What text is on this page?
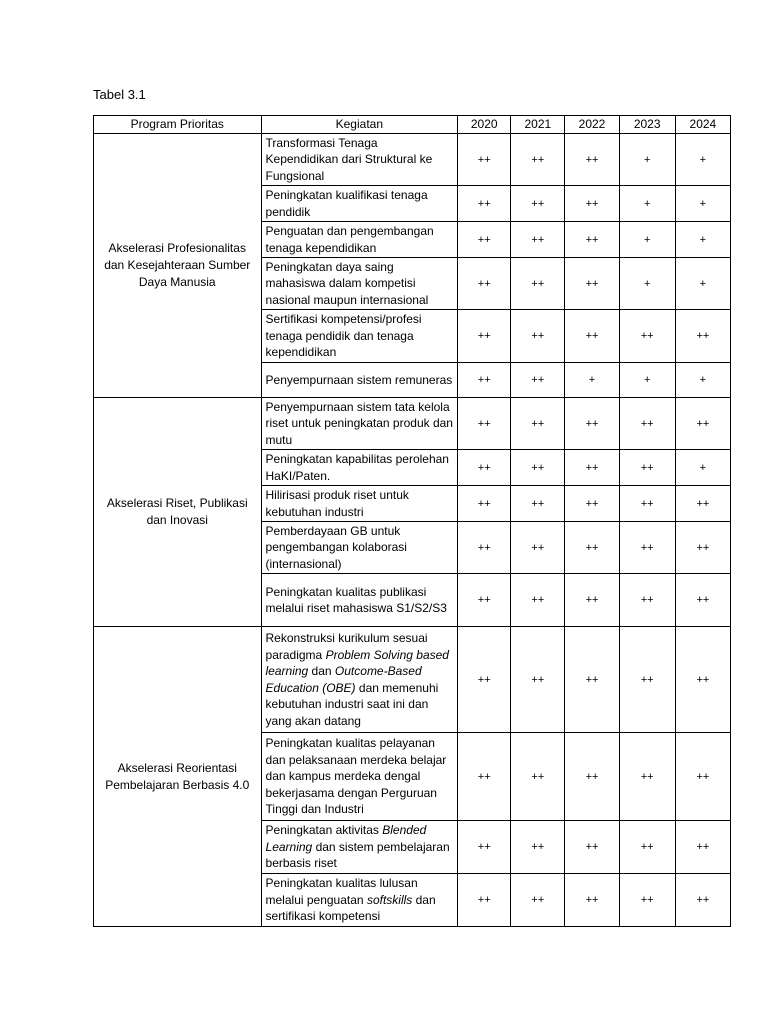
Tabel 3.1
Program Prioritas	Kegiatan	2020	2021	2022	2023	2024
Akselerasi Profesionalitas dan Kesejahteraan Sumber Daya Manusia	Transformasi Tenaga Kependidikan dari Struktural ke Fungsional	++	++	++	+	+
	Peningkatan kualifikasi tenaga pendidik	++	++	++	+	+
	Penguatan dan pengembangan tenaga kependidikan	++	++	++	+	+
	Peningkatan daya saing mahasiswa dalam kompetisi nasional maupun internasional	++	++	++	+	+
	Sertifikasi kompetensi/profesi tenaga pendidik dan tenaga kependidikan	++	++	++	++	++
	Penyempurnaan sistem remuneras	++	++	+	+	+
Akselerasi Riset, Publikasi dan Inovasi	Penyempurnaan sistem tata kelola riset untuk peningkatan produk dan mutu	++	++	++	++	++
	Peningkatan kapabilitas perolehan HaKI/Paten.	++	++	++	++	+
	Hilirisasi produk riset untuk kebutuhan industri	++	++	++	++	++
	Pemberdayaan GB untuk pengembangan kolaborasi (internasional)	++	++	++	++	++
	Peningkatan kualitas publikasi melalui riset mahasiswa S1/S2/S3	++	++	++	++	++
Akselerasi Reorientasi Pembelajaran Berbasis 4.0	Rekonstruksi kurikulum sesuai paradigma Problem Solving based learning dan Outcome-Based Education (OBE) dan memenuhi kebutuhan industri saat ini dan yang akan datang	++	++	++	++	++
	Peningkatan kualitas pelayanan dan pelaksanaan merdeka belajar dan kampus merdeka dengal bekerjasama dengan Perguruan Tinggi dan Industri	++	++	++	++	++
	Peningkatan aktivitas Blended Learning dan sistem pembelajaran berbasis riset	++	++	++	++	++
	Peningkatan kualitas lulusan melalui penguatan softskills dan sertifikasi kompetensi	++	++	++	++	++
